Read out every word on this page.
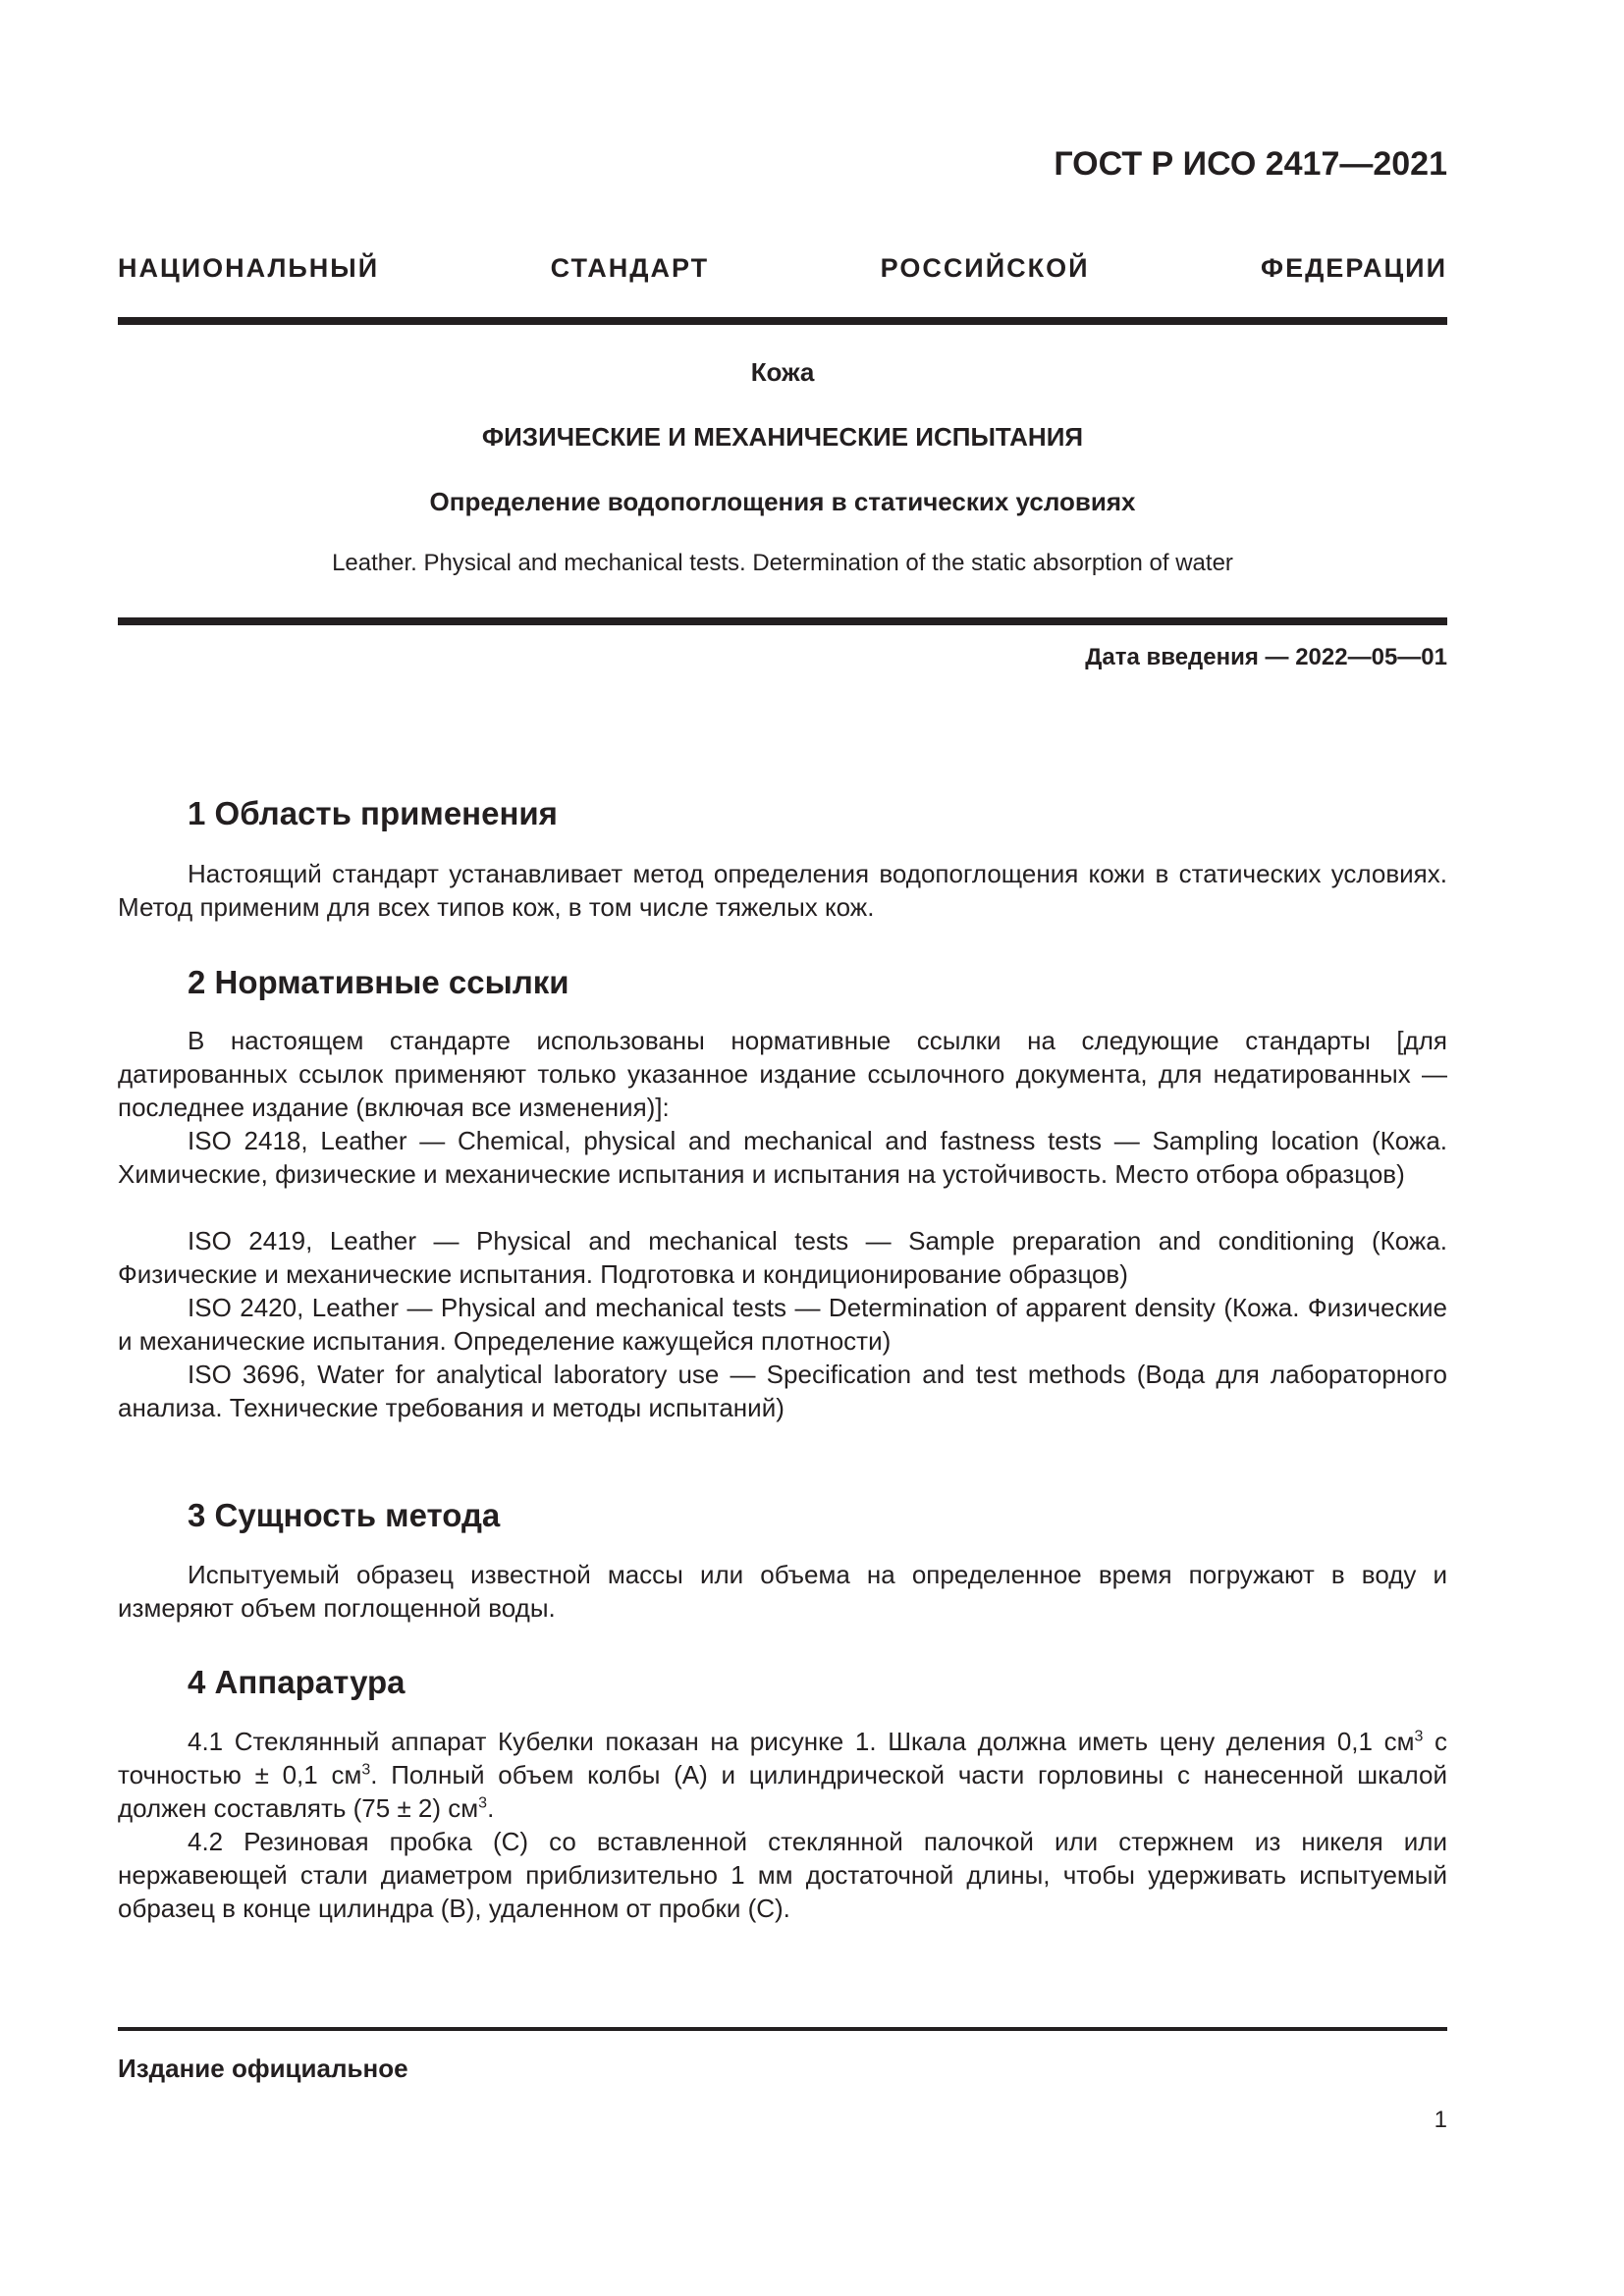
ГОСТ Р ИСО 2417—2021
НАЦИОНАЛЬНЫЙ СТАНДАРТ РОССИЙСКОЙ ФЕДЕРАЦИИ
Кожа
ФИЗИЧЕСКИЕ И МЕХАНИЧЕСКИЕ ИСПЫТАНИЯ
Определение водопоглощения в статических условиях
Leather. Physical and mechanical tests. Determination of the static absorption of water
Дата введения — 2022—05—01
1 Область применения

Настоящий стандарт устанавливает метод определения водопоглощения кожи в статических условиях. Метод применим для всех типов кож, в том числе тяжелых кож.

2 Нормативные ссылки

В настоящем стандарте использованы нормативные ссылки на следующие стандарты [для датированных ссылок применяют только указанное издание ссылочного документа, для недатированных — последнее издание (включая все изменения)]:

ISO 2418, Leather — Chemical, physical and mechanical and fastness tests — Sampling location (Кожа. Химические, физические и механические испытания и испытания на устойчивость. Место отбора образцов)

ISO 2419, Leather — Physical and mechanical tests — Sample preparation and conditioning (Кожа. Физические и механические испытания. Подготовка и кондиционирование образцов)

ISO 2420, Leather — Physical and mechanical tests — Determination of apparent density (Кожа. Физические и механические испытания. Определение кажущейся плотности)

ISO 3696, Water for analytical laboratory use — Specification and test methods (Вода для лабораторного анализа. Технические требования и методы испытаний)

3 Сущность метода

Испытуемый образец известной массы или объема на определенное время погружают в воду и измеряют объем поглощенной воды.

4 Аппаратура

4.1 Стеклянный аппарат Кубелки показан на рисунке 1. Шкала должна иметь цену деления 0,1 $см^3$ с точностью ± 0,1 $см^3$. Полный объем колбы (А) и цилиндрической части горловины с нанесенной шкалой должен составлять (75 ± 2) $см^3$.

4.2 Резиновая пробка (С) со вставленной стеклянной палочкой или стержнем из никеля или нержавеющей стали диаметром приблизительно 1 мм достаточной длины, чтобы удерживать испытуемый образец в конце цилиндра (В), удаленном от пробки (С).

Издание официальное
1
